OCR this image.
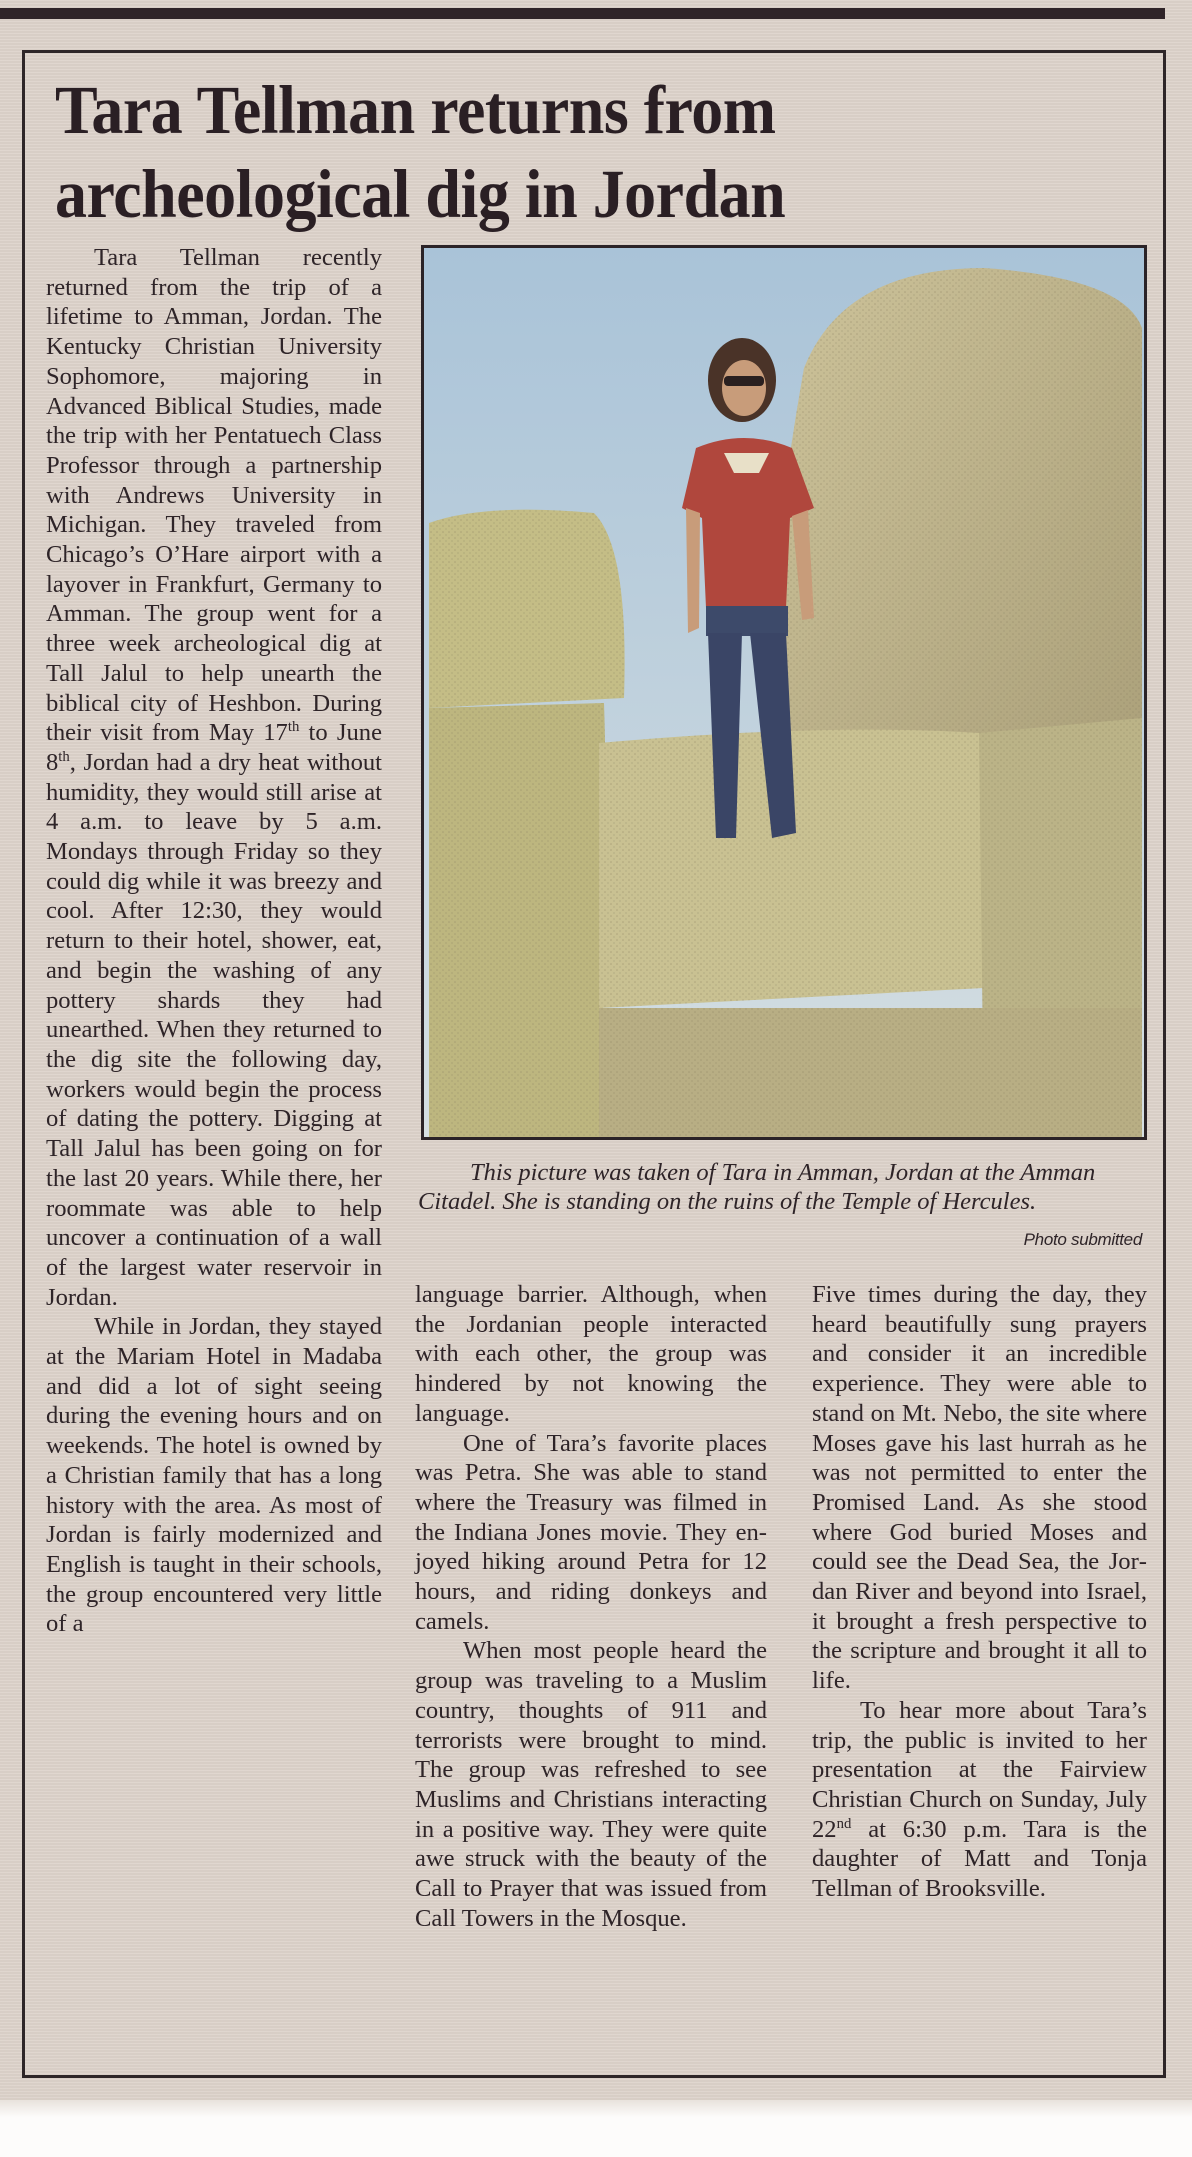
Tara Tellman returns from
archeological dig in Jordan

Tara Tellman recently returned from the trip of a lifetime to Amman, Jordan. The Kentucky Christian University Sophomore, majoring in Advanced Biblical Studies, made the trip with her Pentatuech Class Professor through a partnership with Andrews University in Michigan. They traveled from Chicago’s O’Hare airport with a layover in Frankfurt, Germany to Amman. The group went for a three week archeological dig at Tall Jalul to help unearth the biblical city of Heshbon. During their visit from May 17th to June 8th, Jordan had a dry heat without humidity, they would still arise at 4 a.m. to leave by 5 a.m. Mondays through Friday so they could dig while it was breezy and cool. After 12:30, they would return to their hotel, shower, eat, and begin the washing of any pottery shards they had unearthed. When they returned to the dig site the following day, workers would begin the process of dating the pottery. Digging at Tall Jalul has been going on for the last 20 years. While there, her roommate was able to help uncover a continuation of a wall of the largest water reservoir in Jordan.

While in Jordan, they stayed at the Mariam Hotel in Madaba and did a lot of sight seeing during the evening hours and on weekends. The hotel is owned by a Christian family that has a long history with the area. As most of Jordan is fairly modernized and English is taught in their schools, the group encountered very little of a

This picture was taken of Tara in Amman, Jordan at the Amman Citadel. She is standing on the ruins of the Temple of Hercules.
Photo submitted

language barrier. Although, when the Jordanian people interacted with each other, the group was hindered by not knowing the language.

One of Tara’s favorite places was Petra. She was able to stand where the Treasury was filmed in the Indiana Jones movie. They enjoyed hiking around Petra for 12 hours, and riding donkeys and camels.

When most people heard the group was traveling to a Muslim country, thoughts of 911 and terrorists were brought to mind. The group was refreshed to see Muslims and Christians interacting in a positive way. They were quite awe struck with the beauty of the Call to Prayer that was issued from Call Towers in the Mosque.

Five times during the day, they heard beautifully sung prayers and consider it an incredible experience. They were able to stand on Mt. Nebo, the site where Moses gave his last hurrah as he was not permitted to enter the Promised Land. As she stood where God buried Moses and could see the Dead Sea, the Jordan River and beyond into Israel, it brought a fresh perspective to the scripture and brought it all to life.

To hear more about Tara’s trip, the public is invited to her presentation at the Fairview Christian Church on Sunday, July 22nd at 6:30 p.m. Tara is the daughter of Matt and Tonja Tellman of Brooksville.
